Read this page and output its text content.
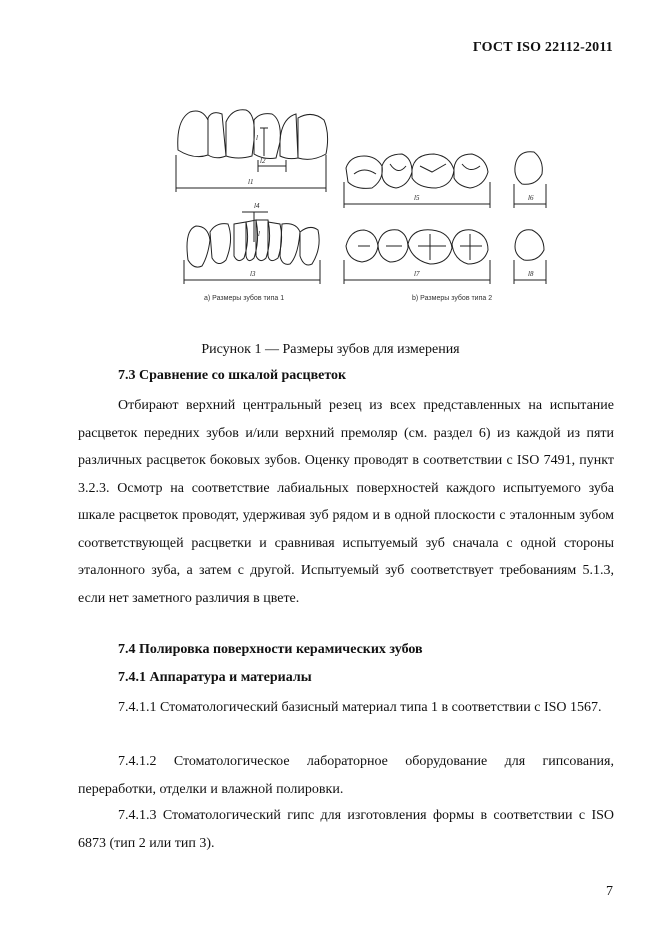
ГОСТ ISO 22112-2011
l2
l1
l
l4
l3
l
l5	l6
l7	l8
а) Размеры зубов типа 1	b) Размеры зубов типа 2
Рисунок 1 — Размеры зубов для измерения
7.3 Сравнение со шкалой расцветок

Отбирают верхний центральный резец из всех представленных на испытание расцветок передних зубов и/или верхний премоляр (см. раздел 6) из каждой из пяти различных расцветок боковых зубов. Оценку проводят в соответствии с ISO 7491, пункт 3.2.3. Осмотр на соответствие лабиальных поверхностей каждого испытуемого зуба шкале расцветок проводят, удерживая зуб рядом и в одной плоскости с эталонным зубом соответствующей расцветки и сравнивая испытуемый зуб сначала с одной стороны эталонного зуба, а затем с другой. Испытуемый зуб соответствует требованиям 5.1.3, если нет заметного различия в цвете.

7.4 Полировка поверхности керамических зубов
7.4.1 Аппаратура и материалы

7.4.1.1 Стоматологический базисный материал типа 1 в соответствии с ISO 1567.

7.4.1.2 Стоматологическое лабораторное оборудование для гипсования, переработки, отделки и влажной полировки.

7.4.1.3 Стоматологический гипс для изготовления формы в соответствии с ISO 6873 (тип 2 или тип 3).

7
